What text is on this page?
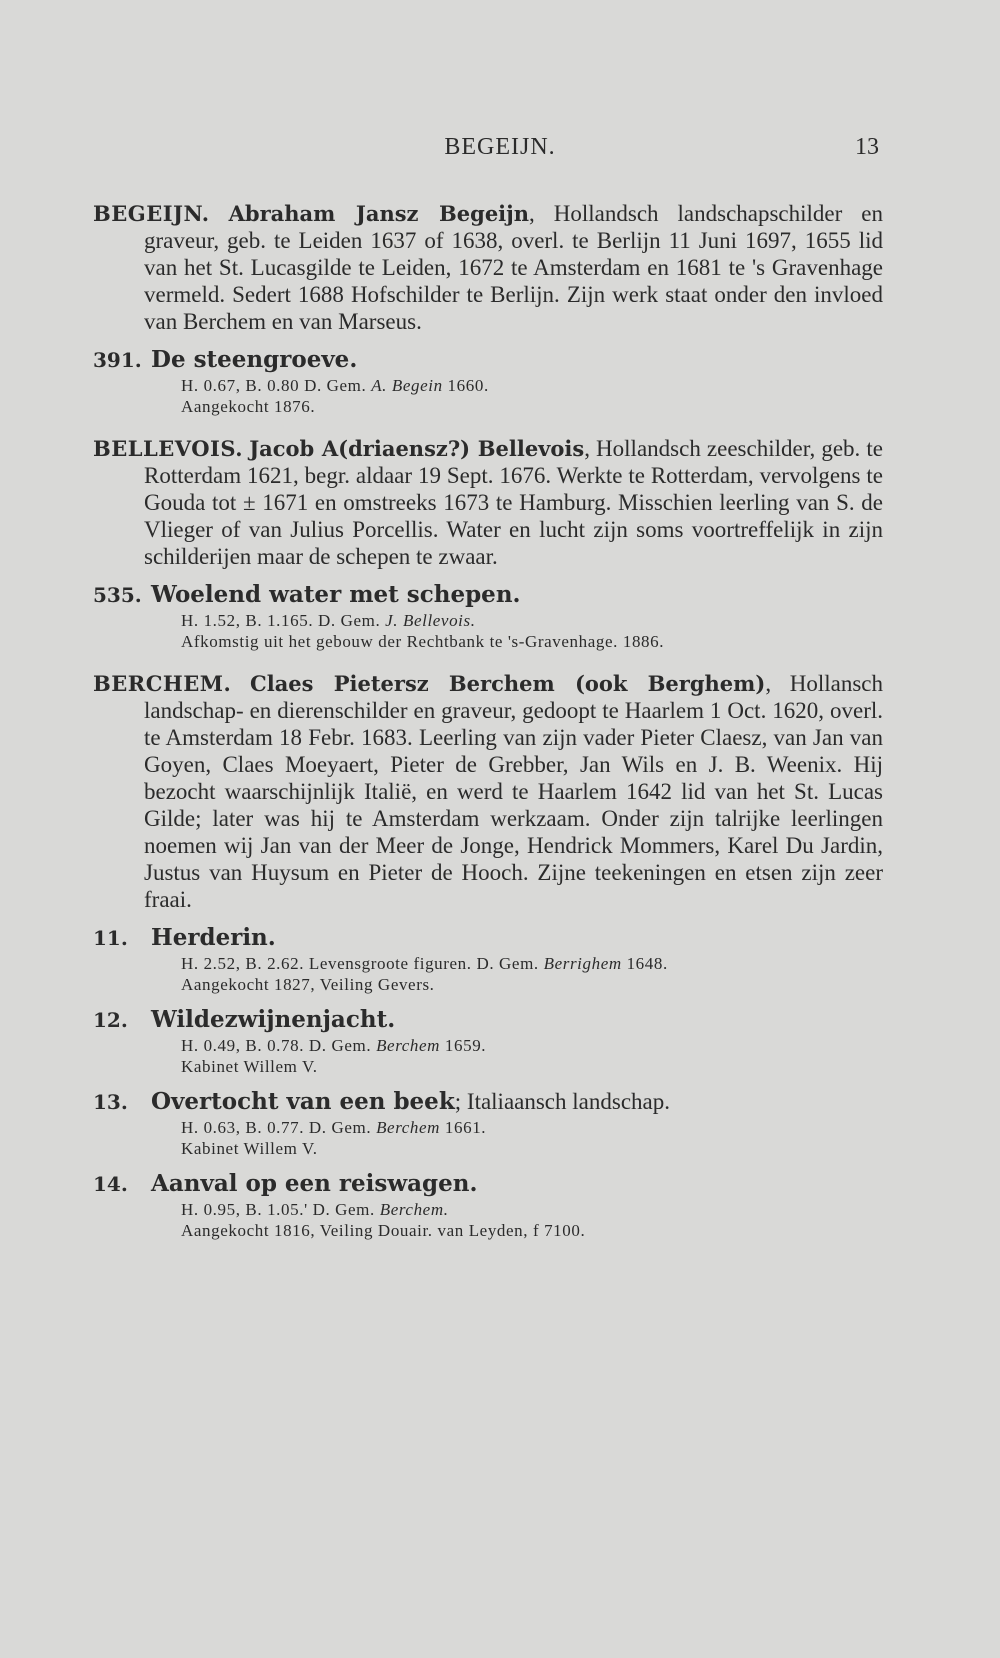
BEGEIJN.	13

BEGEIJN. Abraham Jansz Begeijn, Hollandsch landschapschilder en graveur, geb. te Leiden 1637 of 1638, overl. te Berlijn 11 Juni 1697, 1655 lid van het St. Lucasgilde te Leiden, 1672 te Amsterdam en 1681 te 's Gravenhage vermeld. Sedert 1688 Hofschilder te Berlijn. Zijn werk staat onder den invloed van Berchem en van Marseus.

391. De steengroeve.
H. 0.67, B. 0.80 D. Gem. A. Begein 1660.
Aangekocht 1876.

BELLEVOIS. Jacob A(driaensz?) Bellevois, Hollandsch zeeschilder, geb. te Rotterdam 1621, begr. aldaar 19 Sept. 1676. Werkte te Rotterdam, vervolgens te Gouda tot ± 1671 en omstreeks 1673 te Hamburg. Misschien leerling van S. de Vlieger of van Julius Porcellis. Water en lucht zijn soms voortreffelijk in zijn schilderijen maar de schepen te zwaar.

535. Woelend water met schepen.
H. 1.52, B. 1.165. D. Gem. J. Bellevois.
Afkomstig uit het gebouw der Rechtbank te 's-Gravenhage. 1886.

BERCHEM. Claes Pietersz Berchem (ook Berghem), Hollansch landschap- en dierenschilder en graveur, gedoopt te Haarlem 1 Oct. 1620, overl. te Amsterdam 18 Febr. 1683. Leerling van zijn vader Pieter Claesz, van Jan van Goyen, Claes Moeyaert, Pieter de Grebber, Jan Wils en J. B. Weenix. Hij bezocht waarschijnlijk Italië, en werd te Haarlem 1642 lid van het St. Lucas Gilde; later was hij te Amsterdam werkzaam. Onder zijn talrijke leerlingen noemen wij Jan van der Meer de Jonge, Hendrick Mommers, Karel Du Jardin, Justus van Huysum en Pieter de Hooch. Zijne teekeningen en etsen zijn zeer fraai.

11.	Herderin.
H. 2.52, B. 2.62. Levensgroote figuren. D. Gem. Berrighem 1648.
Aangekocht 1827, Veiling Gevers.
12.	Wildezwijnenjacht.
H. 0.49, B. 0.78. D. Gem. Berchem 1659.
Kabinet Willem V.
13.	Overtocht van een beek ; Italiaansch landschap.
H. 0.63, B. 0.77. D. Gem. Berchem 1661.
Kabinet Willem V.
14.	Aanval op een reiswagen.
H. 0.95, B. 1.05.' D. Gem. Berchem.
Aangekocht 1816, Veiling Douair. van Leyden, f 7100.
